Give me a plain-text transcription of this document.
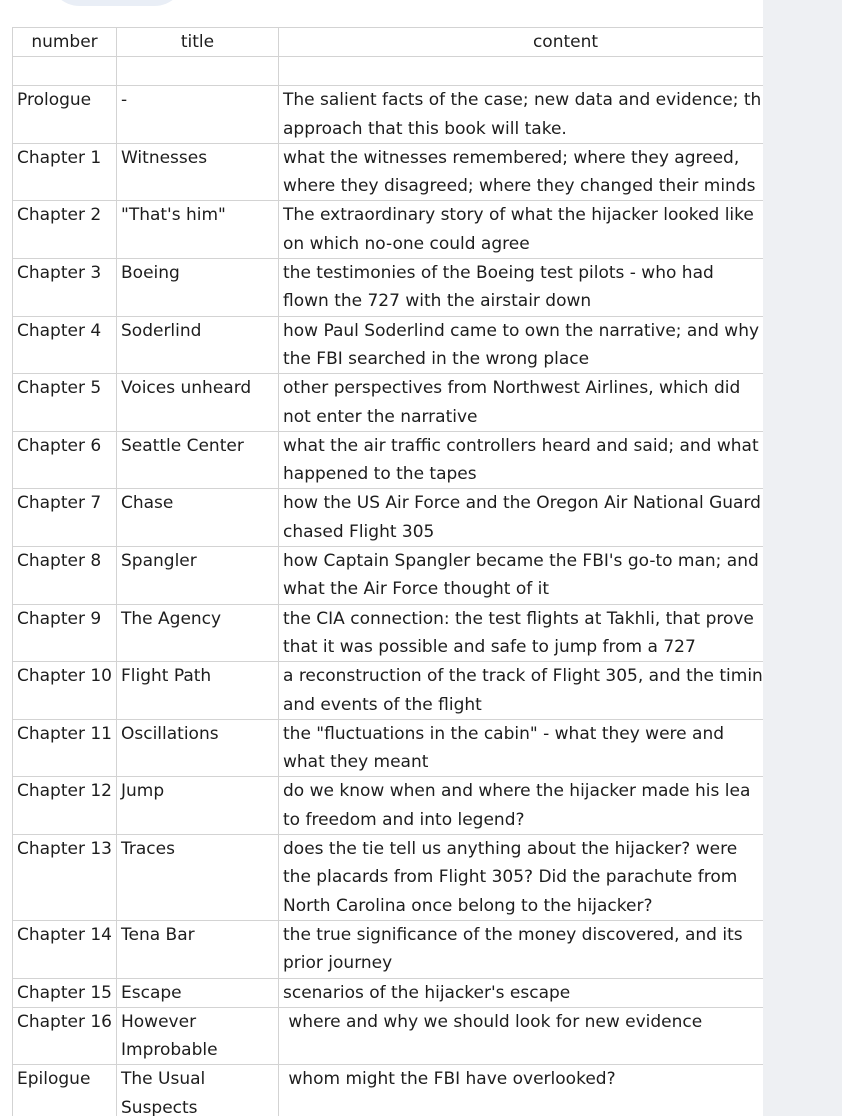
number	title	content

Prologue	-	The salient facts of the case; new data and evidence; th
approach that this book will take.

Chapter 1	Witnesses	what the witnesses remembered; where they agreed,
where they disagreed; where they changed their minds

Chapter 2	"That's him"	The extraordinary story of what the hijacker looked like
on which no-one could agree

Chapter 3	Boeing	the testimonies of the Boeing test pilots - who had
flown the 727 with the airstair down

Chapter 4	Soderlind	how Paul Soderlind came to own the narrative; and why
the FBI searched in the wrong place

Chapter 5	Voices unheard	other perspectives from Northwest Airlines, which did
not enter the narrative

Chapter 6	Seattle Center	what the air traffic controllers heard and said; and what
happened to the tapes

Chapter 7	Chase	how the US Air Force and the Oregon Air National Guard
chased Flight 305

Chapter 8	Spangler	how Captain Spangler became the FBI's go-to man; and
what the Air Force thought of it

Chapter 9	The Agency	the CIA connection: the test flights at Takhli, that prove
that it was possible and safe to jump from a 727

Chapter 10	Flight Path	a reconstruction of the track of Flight 305, and the timin
and events of the flight

Chapter 11	Oscillations	the "fluctuations in the cabin" - what they were and
what they meant

Chapter 12	Jump	do we know when and where the hijacker made his lea
to freedom and into legend?

Chapter 13	Traces	does the tie tell us anything about the hijacker? were
the placards from Flight 305? Did the parachute from
North Carolina once belong to the hijacker?

Chapter 14	Tena Bar	the true significance of the money discovered, and its
prior journey

Chapter 15	Escape	scenarios of the hijacker's escape

Chapter 16	However
Improbable	where and why we should look for new evidence

Epilogue	The Usual
Suspects	whom might the FBI have overlooked?
